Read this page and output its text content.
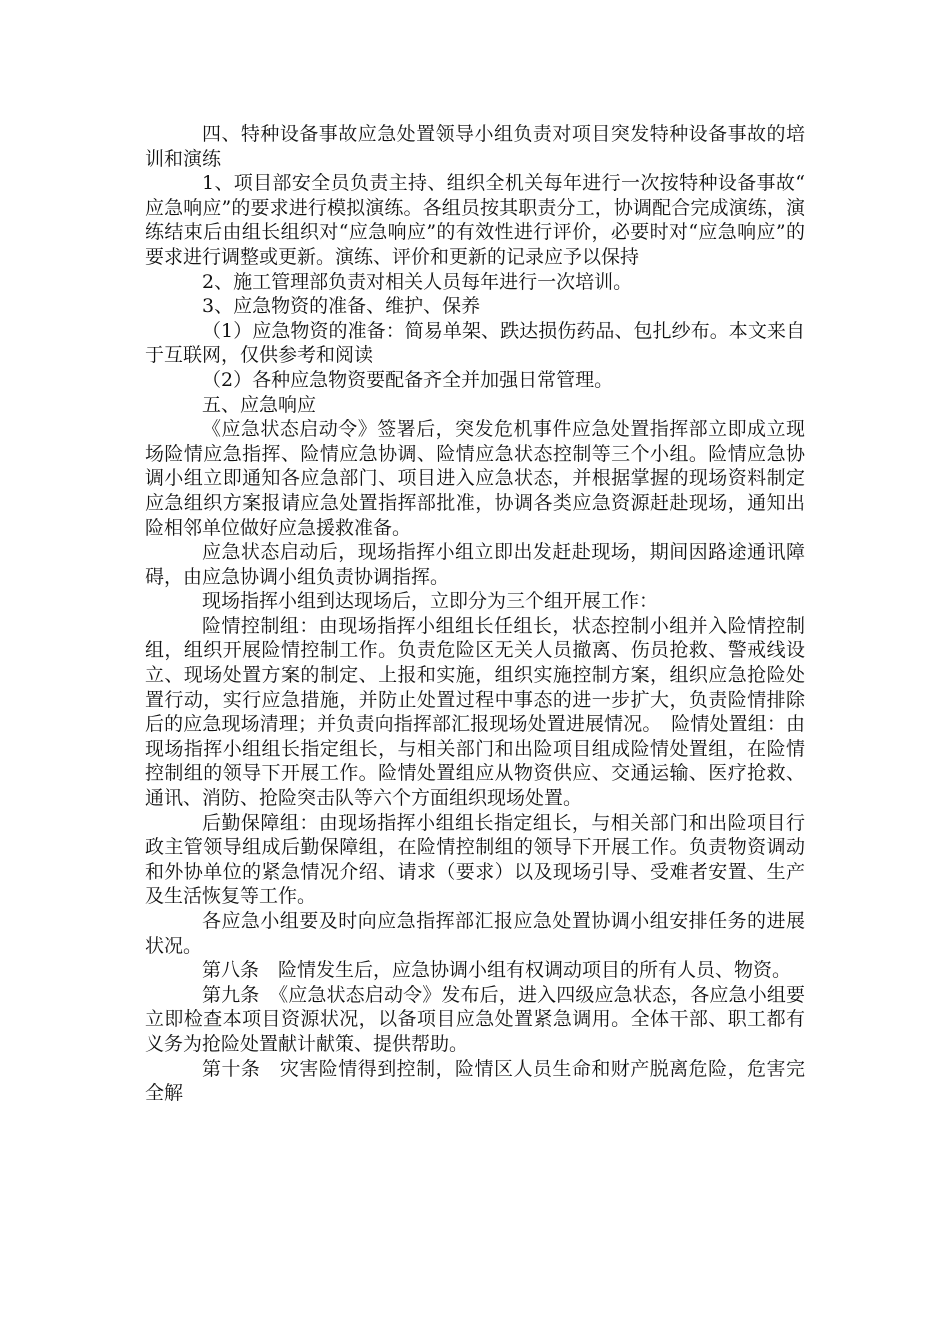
四、特种设备事故应急处置领导小组负责对项目突发特种设备事故的培训和演练

1、项目部安全员负责主持、组织全机关每年进行一次按特种设备事故“应急响应”的要求进行模拟演练。各组员按其职责分工，协调配合完成演练，演练结束后由组长组织对“应急响应”的有效性进行评价，必要时对“应急响应”的要求进行调整或更新。演练、评价和更新的记录应予以保持

2、施工管理部负责对相关人员每年进行一次培训。

3、应急物资的准备、维护、保养

（1）应急物资的准备：简易单架、跌达损伤药品、包扎纱布。本文来自于互联网，仅供参考和阅读

（2）各种应急物资要配备齐全并加强日常管理。

五、应急响应

《应急状态启动令》签署后，突发危机事件应急处置指挥部立即成立现场险情应急指挥、险情应急协调、险情应急状态控制等三个小组。险情应急协调小组立即通知各应急部门、项目进入应急状态，并根据掌握的现场资料制定应急组织方案报请应急处置指挥部批准，协调各类应急资源赶赴现场，通知出险相邻单位做好应急援救准备。

应急状态启动后，现场指挥小组立即出发赶赴现场，期间因路途通讯障碍，由应急协调小组负责协调指挥。

现场指挥小组到达现场后，立即分为三个组开展工作：

险情控制组：由现场指挥小组组长任组长，状态控制小组并入险情控制组，组织开展险情控制工作。负责危险区无关人员撤离、伤员抢救、警戒线设立、现场处置方案的制定、上报和实施，组织实施控制方案，组织应急抢险处置行动，实行应急措施，并防止处置过程中事态的进一步扩大，负责险情排除后的应急现场清理；并负责向指挥部汇报现场处置进展情况。　险情处置组：由现场指挥小组组长指定组长，与相关部门和出险项目组成险情处置组，在险情控制组的领导下开展工作。险情处置组应从物资供应、交通运输、医疗抢救、通讯、消防、抢险突击队等六个方面组织现场处置。

后勤保障组：由现场指挥小组组长指定组长，与相关部门和出险项目行政主管领导组成后勤保障组，在险情控制组的领导下开展工作。负责物资调动和外协单位的紧急情况介绍、请求（要求）以及现场引导、受难者安置、生产及生活恢复等工作。

各应急小组要及时向应急指挥部汇报应急处置协调小组安排任务的进展状况。

第八条　险情发生后，应急协调小组有权调动项目的所有人员、物资。

第九条　《应急状态启动令》发布后，进入四级应急状态，各应急小组要立即检查本项目资源状况，以备项目应急处置紧急调用。全体干部、职工都有义务为抢险处置献计献策、提供帮助。

第十条　灾害险情得到控制，险情区人员生命和财产脱离危险，危害完全解
